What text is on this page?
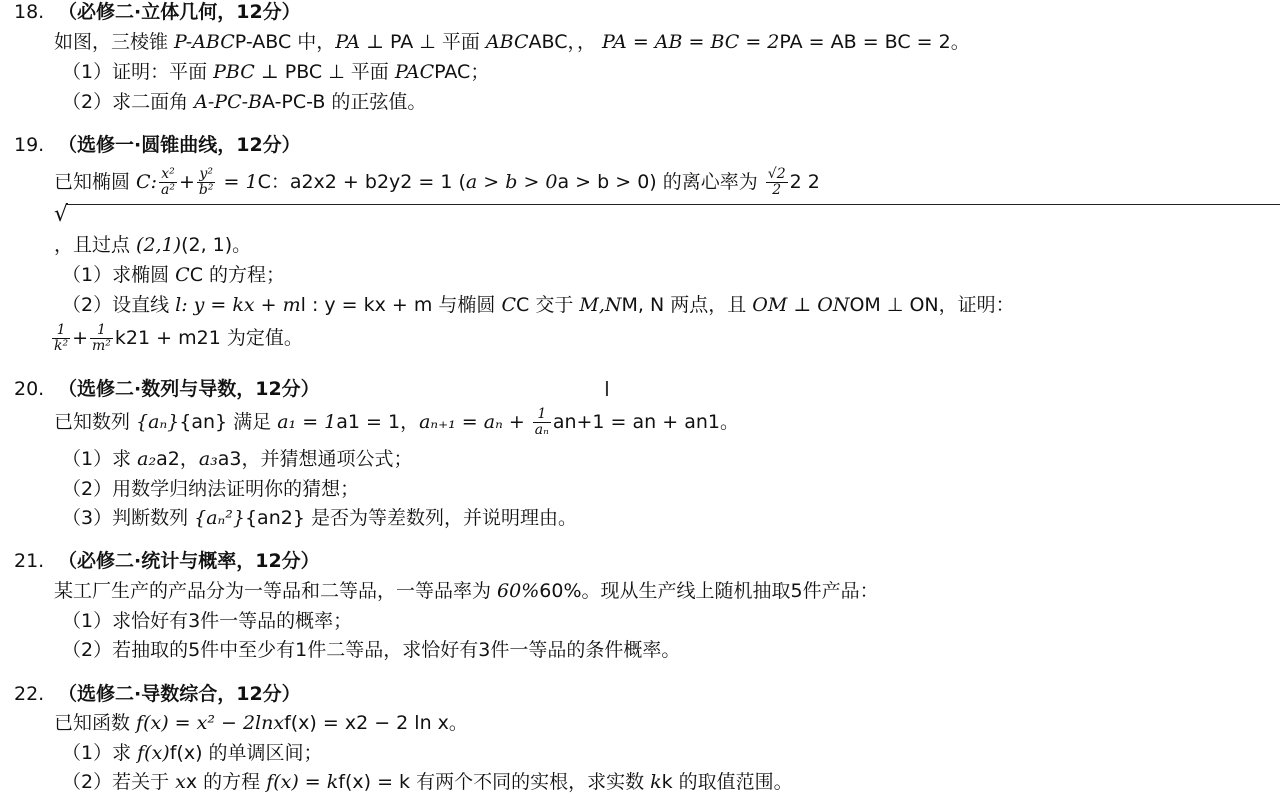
18. （必修二·立体几何，12分）
如图，三棱锥 P-ABCP-ABC 中，PA ⊥ PA ⊥ 平面 ABCABC，， PA = AB = BC = 2PA = AB = BC = 2。
（1）证明：平面 PBC ⊥ PBC ⊥ 平面 PACPAC；
（2）求二面角 A-PC-BA-PC-B 的正弦值。
19. （选修一·圆锥曲线，12分）
已知椭圆 C: $\frac{\text{x²}}{\text{a²}} + \frac{\text{y²}}{\text{b²}} = 1C$：a2x2 + b2y2 = 1 (a > b > 0a > b > 0) 的离心率为 $\frac{√2}{2} 2$ 2
√
，且过点 (2,1)(2, 1)。
（1）求椭圆 CC 的方程；
（2）设直线 l: y = kx + ml : y = kx + m 与椭圆 CC 交于 M,NM, N 两点，且 OM ⊥ ONOM ⊥ ON，证明：
$\frac{1}{\text{k²}} + \frac{1}{\text{m²}} k21 + m21$ 为定值。
20. （选修二·数列与导数，12分）	I
已知数列 {aₙ}{an} 满足 a₁ = 1a1 = 1，$a_{n+1} = a_n + \frac{1}{\text{aₙ}} an+1$ = an + an1。
（1）求 a₂a2，a₃a3，并猜想通项公式；
（2）用数学归纳法证明你的猜想；
（3）判断数列 {aₙ²}{an2} 是否为等差数列，并说明理由。
21. （必修二·统计与概率，12分）
某工厂生产的产品分为一等品和二等品，一等品率为 60%60%。现从生产线上随机抽取5件产品：
（1）求恰好有3件一等品的概率；
（2）若抽取的5件中至少有1件二等品，求恰好有3件一等品的条件概率。
22. （选修二·导数综合，12分）
已知函数 f(x) = x² − 2lnxf(x) = x2 − 2 ln x。
（1）求 f(x)f(x) 的单调区间；
（2）若关于 xx 的方程 f(x) = kf(x) = k 有两个不同的实根，求实数 kk 的取值范围。
